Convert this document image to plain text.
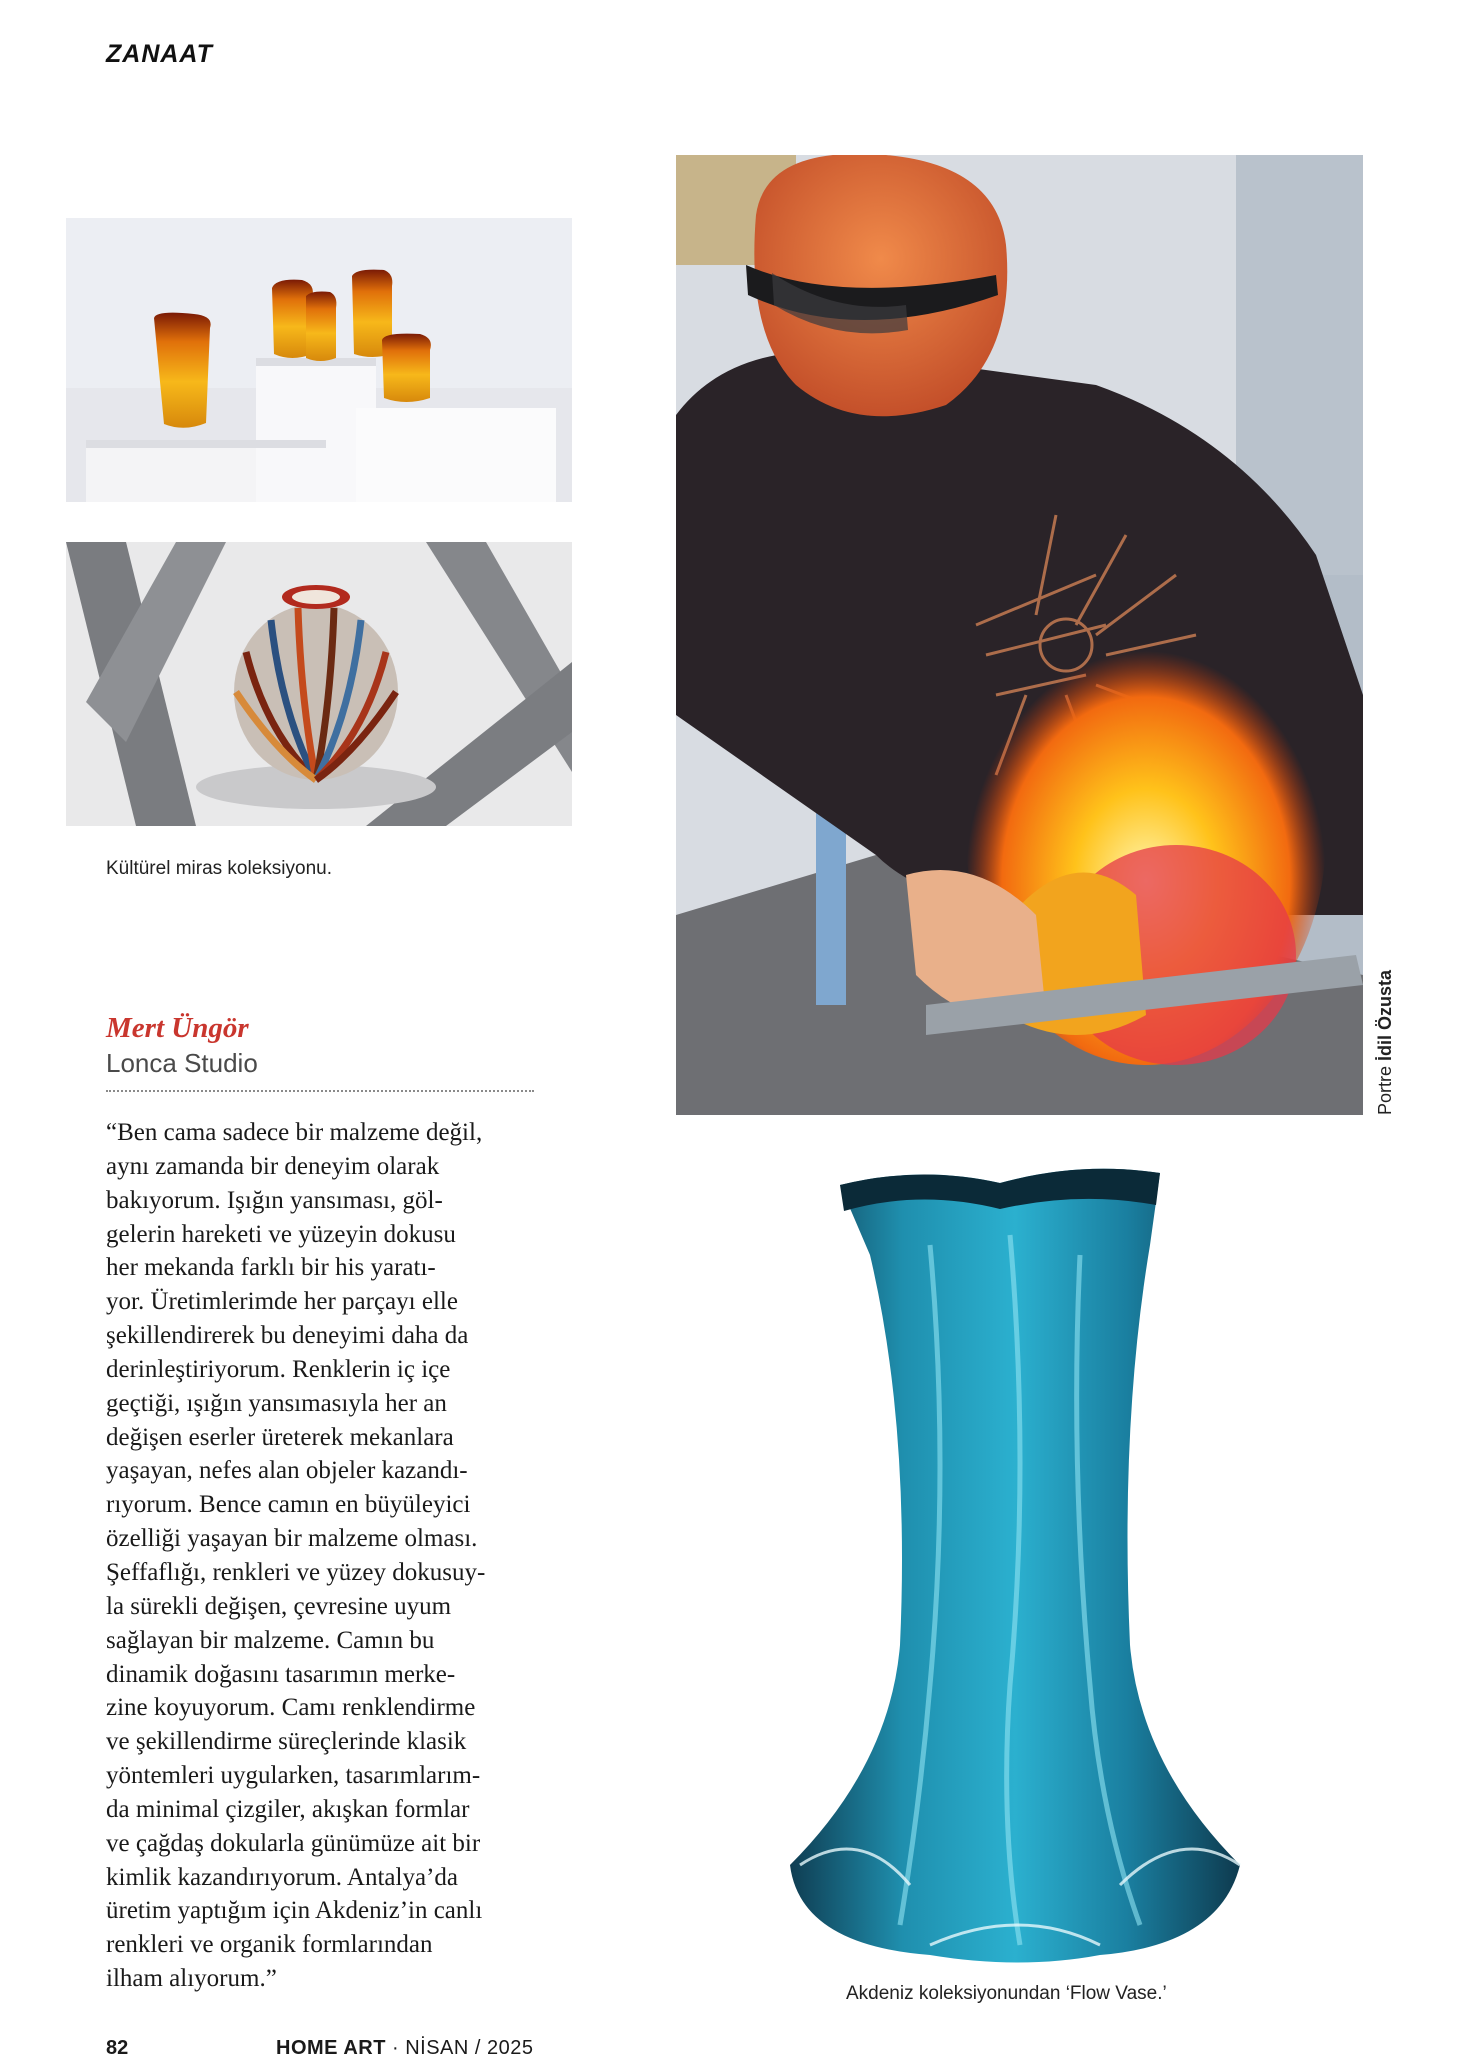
ZANAAT
Kültürel miras koleksiyonu.
Portre İdil Özusta
Mert Üngör
Lonca Studio
“Ben cama sadece bir malzeme değil,
aynı zamanda bir deneyim olarak
bakıyorum. Işığın yansıması, göl-
gelerin hareketi ve yüzeyin dokusu
her mekanda farklı bir his yaratı-
yor. Üretimlerimde her parçayı elle
şekillendirerek bu deneyimi daha da
derinleştiriyorum. Renklerin iç içe
geçtiği, ışığın yansımasıyla her an
değişen eserler üreterek mekanlara
yaşayan, nefes alan objeler kazandı-
rıyorum. Bence camın en büyüleyici
özelliği yaşayan bir malzeme olması.
Şeffaflığı, renkleri ve yüzey dokusuy-
la sürekli değişen, çevresine uyum
sağlayan bir malzeme. Camın bu
dinamik doğasını tasarımın merke-
zine koyuyorum. Camı renklendirme
ve şekillendirme süreçlerinde klasik
yöntemleri uygularken, tasarımlarım-
da minimal çizgiler, akışkan formlar
ve çağdaş dokularla günümüze ait bir
kimlik kazandırıyorum. Antalya’da
üretim yaptığım için Akdeniz’in canlı
renkleri ve organik formlarından
ilham alıyorum.”
Akdeniz koleksiyonundan ‘Flow Vase.’
82	HOME ART · NİSAN / 2025
